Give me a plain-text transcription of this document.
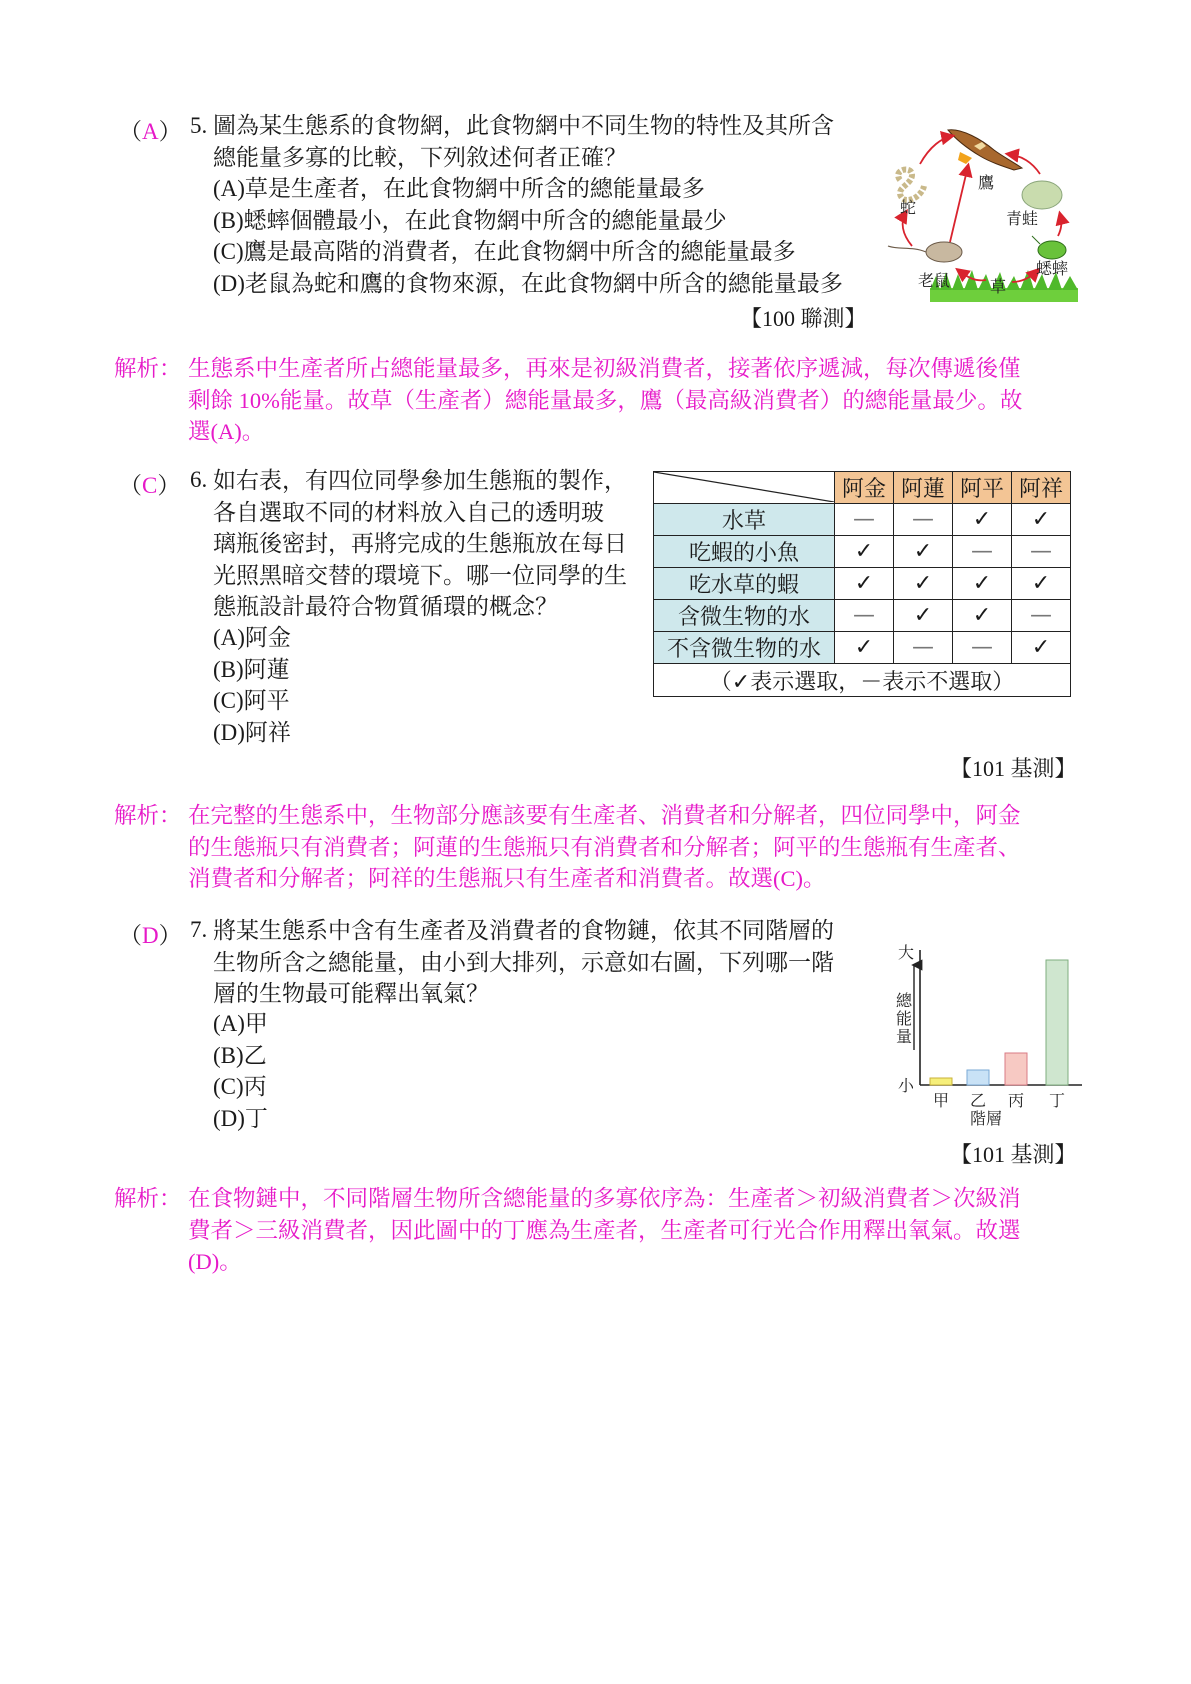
（A） 5. 圖為某生態系的食物網，此食物網中不同生物的特性及其所含
總能量多寡的比較，下列敘述何者正確？
(A)草是生產者，在此食物網中所含的總能量最多
(B)蟋蟀個體最小，在此食物網中所含的總能量最少
(C)鷹是最高階的消費者，在此食物網中所含的總能量最多
(D)老鼠為蛇和鷹的食物來源，在此食物網中所含的總能量最多
【100 聯測】
鷹
蛇
青蛙
蟋蟀
老鼠 草
解析： 生態系中生產者所占總能量最多，再來是初級消費者，接著依序遞減，每次傳遞後僅
剩餘 10%能量。故草（生產者）總能量最多，鷹（最高級消費者）的總能量最少。故
選(A)。
（C） 6. 如右表，有四位同學參加生態瓶的製作，
各自選取不同的材料放入自己的透明玻
璃瓶後密封，再將完成的生態瓶放在每日
光照黑暗交替的環境下。哪一位同學的生
態瓶設計最符合物質循環的概念？
(A)阿金
(B)阿蓮
(C)阿平
(D)阿祥
	阿金	阿蓮	阿平	阿祥
水草	—	—	✓	✓
吃蝦的小魚	✓	✓	—	—
吃水草的蝦	✓	✓	✓	✓
含微生物的水	—	✓	✓	—
不含微生物的水	✓	—	—	✓
（✓表示選取，－表示不選取）				
【101 基測】
解析： 在完整的生態系中，生物部分應該要有生產者、消費者和分解者，四位同學中，阿金
的生態瓶只有消費者；阿蓮的生態瓶只有消費者和分解者；阿平的生態瓶有生產者、
消費者和分解者；阿祥的生態瓶只有生產者和消費者。故選(C)。
（D） 7. 將某生態系中含有生產者及消費者的食物鏈，依其不同階層的
生物所含之總能量，由小到大排列，示意如右圖，下列哪一階
層的生物最可能釋出氧氣？
(A)甲
(B)乙
(C)丙
(D)丁
大
總能量
小
甲 乙 丙 丁
階層
【101 基測】
解析： 在食物鏈中，不同階層生物所含總能量的多寡依序為：生產者＞初級消費者＞次級消
費者＞三級消費者，因此圖中的丁應為生產者，生產者可行光合作用釋出氧氣。故選
(D)。
